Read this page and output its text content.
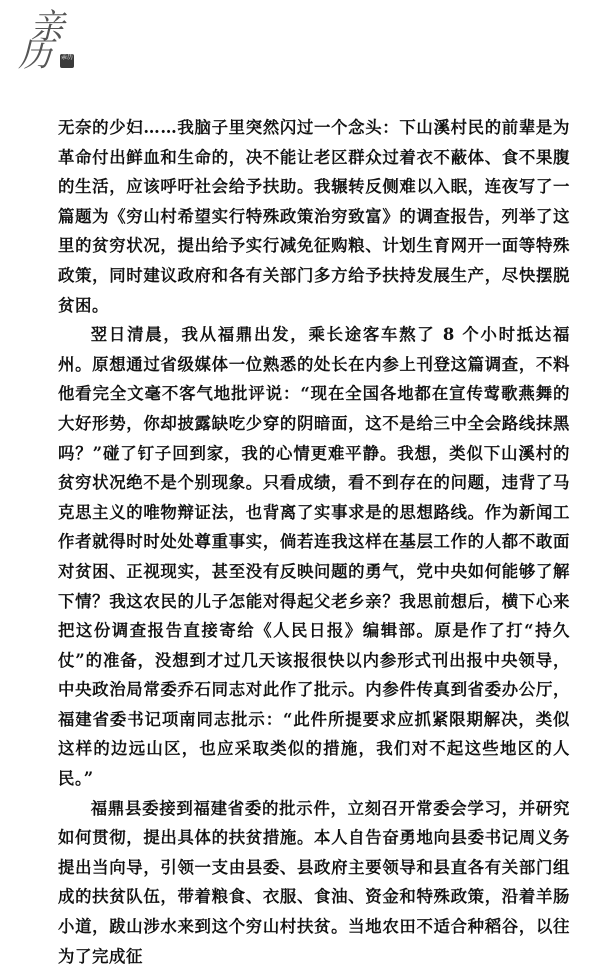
亲
历 亲历

无奈的少妇……我脑子里突然闪过一个念头：下山溪村民的前辈是为革命付出鲜血和生命的，决不能让老区群众过着衣不蔽体、食不果腹的生活，应该呼吁社会给予扶助。我辗转反侧难以入眠，连夜写了一篇题为《穷山村希望实行特殊政策治穷致富》的调查报告，列举了这里的贫穷状况，提出给予实行减免征购粮、计划生育网开一面等特殊政策，同时建议政府和各有关部门多方给予扶持发展生产，尽快摆脱贫困。

翌日清晨，我从福鼎出发，乘长途客车熬了 8 个小时抵达福州。原想通过省级媒体一位熟悉的处长在内参上刊登这篇调查，不料他看完全文毫不客气地批评说：“现在全国各地都在宣传莺歌燕舞的大好形势，你却披露缺吃少穿的阴暗面，这不是给三中全会路线抹黑吗？”碰了钉子回到家，我的心情更难平静。我想，类似下山溪村的贫穷状况绝不是个别现象。只看成绩，看不到存在的问题，违背了马克思主义的唯物辩证法，也背离了实事求是的思想路线。作为新闻工作者就得时时处处尊重事实，倘若连我这样在基层工作的人都不敢面对贫困、正视现实，甚至没有反映问题的勇气，党中央如何能够了解下情？我这农民的儿子怎能对得起父老乡亲？我思前想后，横下心来把这份调查报告直接寄给《人民日报》编辑部。原是作了打“持久仗”的准备，没想到才过几天该报很快以内参形式刊出报中央领导，中央政治局常委乔石同志对此作了批示。内参件传真到省委办公厅，福建省委书记项南同志批示：“此件所提要求应抓紧限期解决，类似这样的边远山区，也应采取类似的措施，我们对不起这些地区的人民。”

福鼎县委接到福建省委的批示件，立刻召开常委会学习，并研究如何贯彻，提出具体的扶贫措施。本人自告奋勇地向县委书记周义务提出当向导，引领一支由县委、县政府主要领导和县直各有关部门组成的扶贫队伍，带着粮食、衣服、食油、资金和特殊政策，沿着羊肠小道，跋山涉水来到这个穷山村扶贫。当地农田不适合种稻谷，以往为了完成征
